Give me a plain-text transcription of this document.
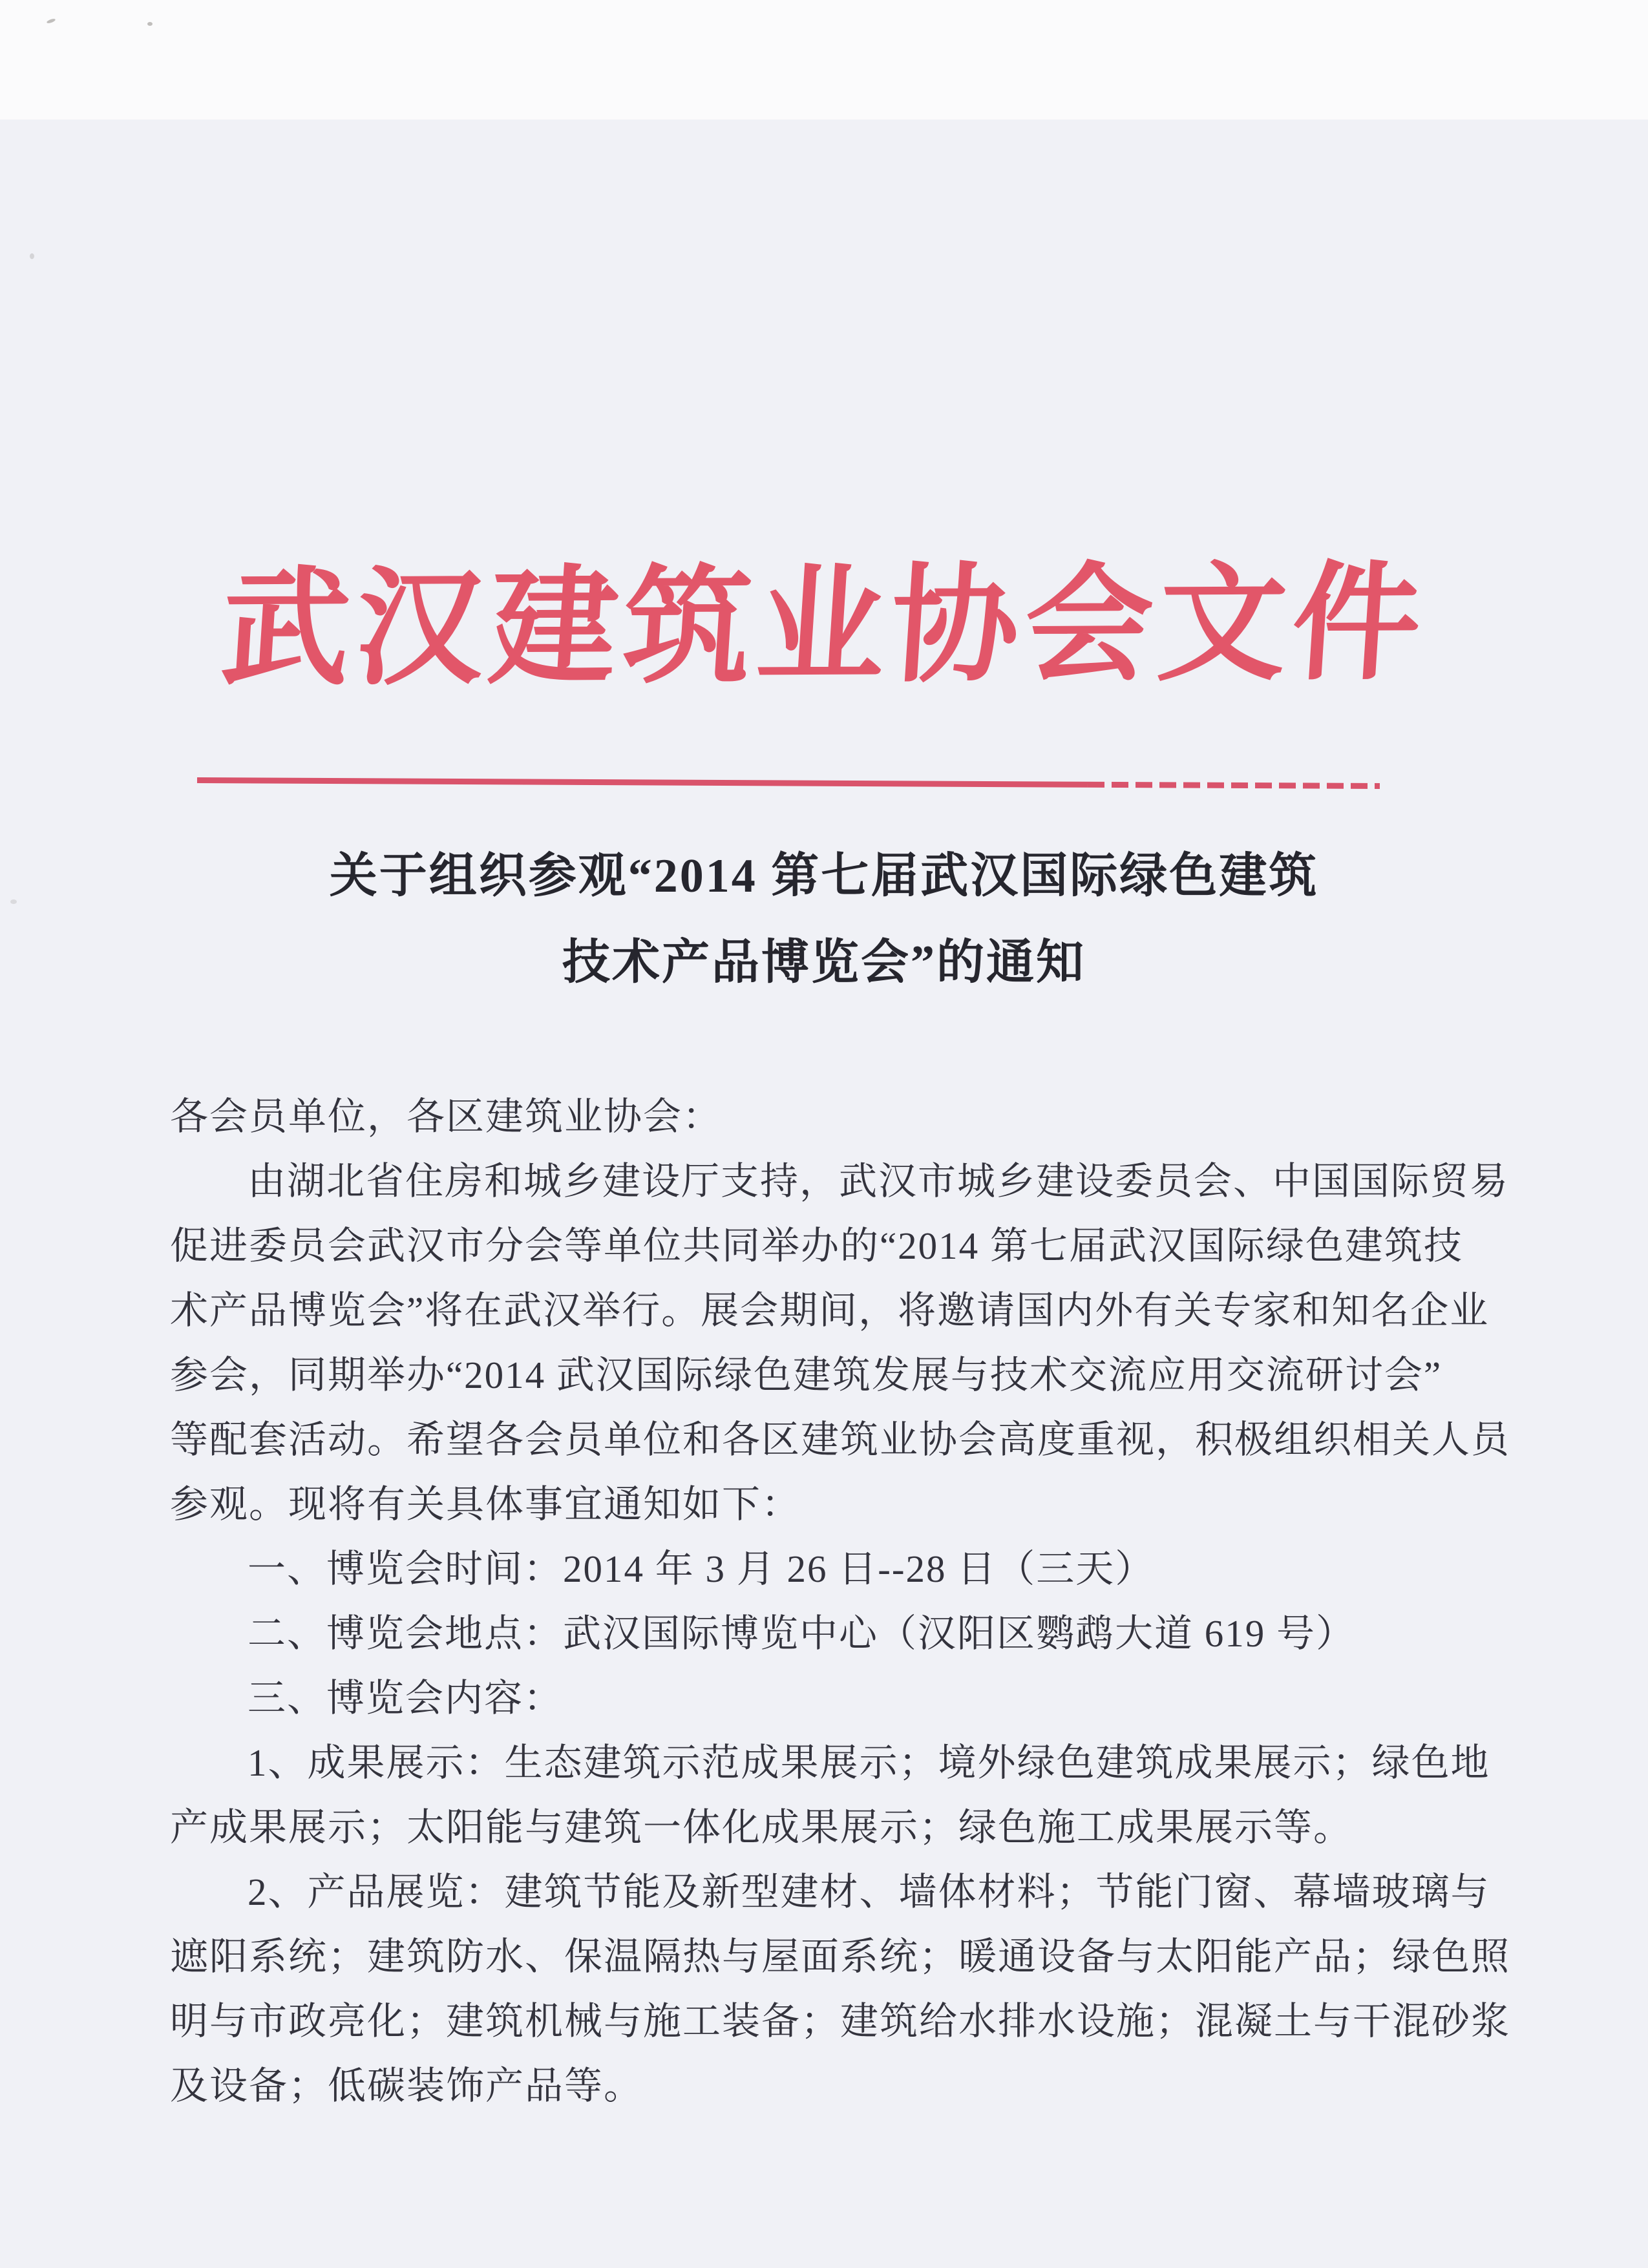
武汉建筑业协会文件
关于组织参观“2014 第七届武汉国际绿色建筑
技术产品博览会”的通知

各会员单位，各区建筑业协会：

由湖北省住房和城乡建设厅支持，武汉市城乡建设委员会、中国国际贸易

促进委员会武汉市分会等单位共同举办的“2014 第七届武汉国际绿色建筑技

术产品博览会”将在武汉举行。展会期间，将邀请国内外有关专家和知名企业

参会，同期举办“2014 武汉国际绿色建筑发展与技术交流应用交流研讨会”

等配套活动。希望各会员单位和各区建筑业协会高度重视，积极组织相关人员

参观。现将有关具体事宜通知如下：

一、博览会时间：2014 年 3 月 26 日--28 日（三天）

二、博览会地点：武汉国际博览中心（汉阳区鹦鹉大道 619 号）

三、博览会内容：

1、成果展示：生态建筑示范成果展示；境外绿色建筑成果展示；绿色地

产成果展示；太阳能与建筑一体化成果展示；绿色施工成果展示等。

2、产品展览：建筑节能及新型建材、墙体材料；节能门窗、幕墙玻璃与

遮阳系统；建筑防水、保温隔热与屋面系统；暖通设备与太阳能产品；绿色照

明与市政亮化；建筑机械与施工装备；建筑给水排水设施；混凝土与干混砂浆

及设备；低碳装饰产品等。
